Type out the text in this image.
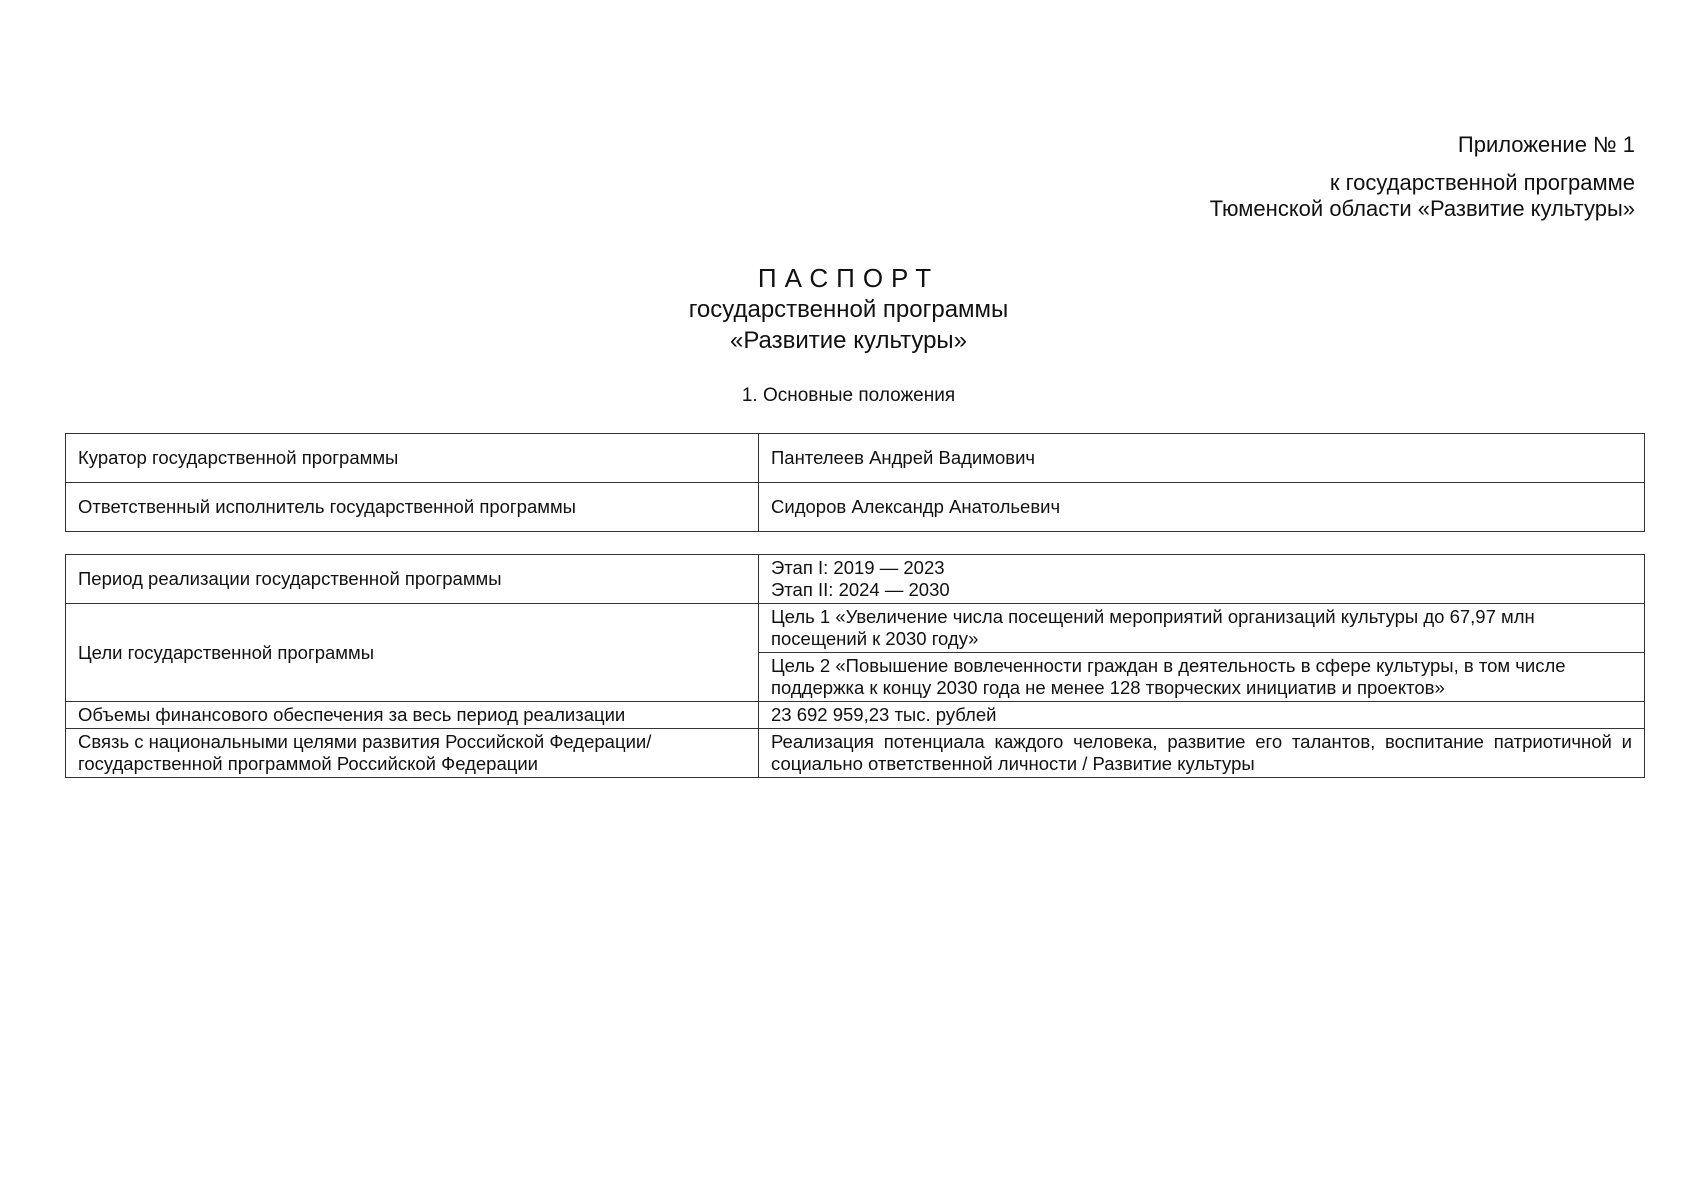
Приложение № 1
к государственной программе
Тюменской области «Развитие культуры»
ПАСПОРТ
государственной программы
«Развитие культуры»
1. Основные положения
Куратор государственной программы	Пантелеев Андрей Вадимович
Ответственный исполнитель государственной программы	Сидоров Александр Анатольевич
Период реализации государственной программы	Этап I: 2019 — 2023
Этап II: 2024 — 2030

Цели государственной программы	Цель 1 «Увеличение числа посещений мероприятий организаций культуры до 67,97 млн посещений к 2030 году»
	Цель 2 «Повышение вовлеченности граждан в деятельность в сфере культуры, в том числе поддержка к концу 2030 года не менее 128 творческих инициатив и проектов»
Объемы финансового обеспечения за весь период реализации	23 692 959,23 тыс. рублей
Связь с национальными целями развития Российской Федерации/ государственной программой Российской Федерации	Реализация потенциала каждого человека, развитие его талантов, воспитание патриотичной и социально ответственной личности / Развитие культуры
